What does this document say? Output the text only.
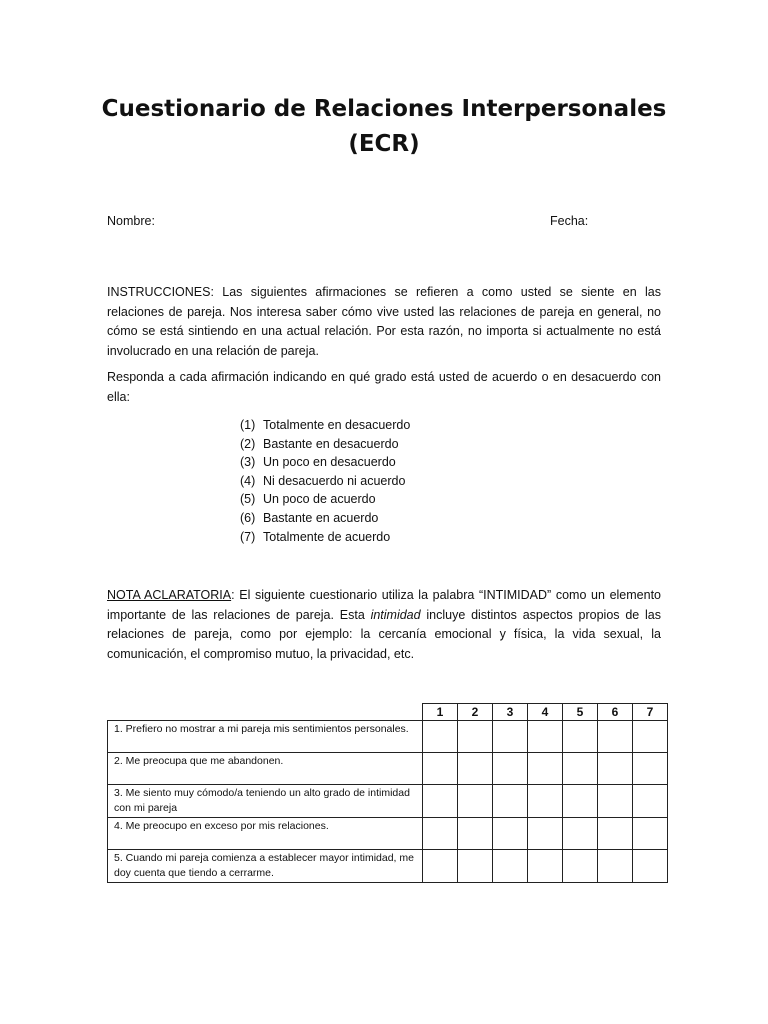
Cuestionario de Relaciones Interpersonales
(ECR)
Nombre:	Fecha:

INSTRUCCIONES: Las siguientes afirmaciones se refieren a como usted se siente en las relaciones de pareja. Nos interesa saber cómo vive usted las relaciones de pareja en general, no cómo se está sintiendo en una actual relación. Por esta razón, no importa si actualmente no está involucrado en una relación de pareja.

Responda a cada afirmación indicando en qué grado está usted de acuerdo o en desacuerdo con ella:

(1) Totalmente en desacuerdo
(2) Bastante en desacuerdo
(3) Un poco en desacuerdo
(4) Ni desacuerdo ni acuerdo
(5) Un poco de acuerdo
(6) Bastante en acuerdo
(7) Totalmente de acuerdo

NOTA ACLARATORIA: El siguiente cuestionario utiliza la palabra “INTIMIDAD” como un elemento importante de las relaciones de pareja. Esta intimidad incluye distintos aspectos propios de las relaciones de pareja, como por ejemplo: la cercanía emocional y física, la vida sexual, la comunicación, el compromiso mutuo, la privacidad, etc.

	1	2	3	4	5	6	7
1. Prefiero no mostrar a mi pareja mis sentimientos personales.							
2. Me preocupa que me abandonen.							
3. Me siento muy cómodo/a teniendo un alto grado de intimidad con mi pareja							
4. Me preocupo en exceso por mis relaciones.							
5. Cuando mi pareja comienza a establecer mayor intimidad, me doy cuenta que tiendo a cerrarme.							
